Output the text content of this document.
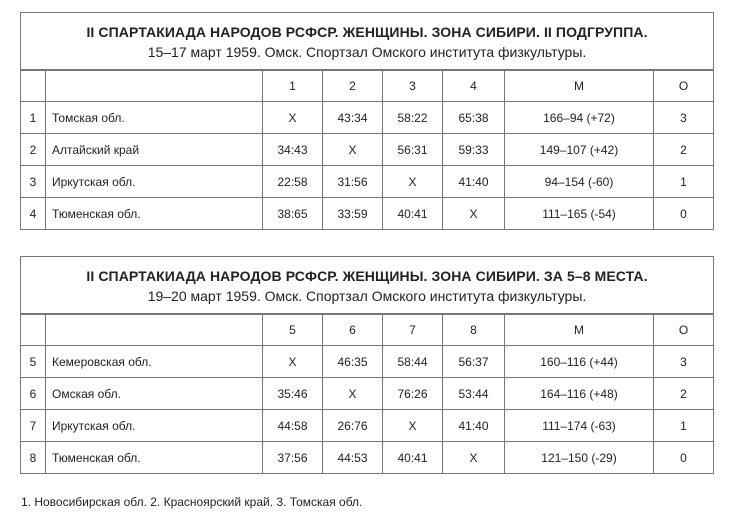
II СПАРТАКИАДА НАРОДОВ РСФСР. ЖЕНЩИНЫ. ЗОНА СИБИРИ. II ПОДГРУППА.
15–17 март 1959. Омск. Спортзал Омского института физкультуры.							

		1	2	3	4	М	О
1	Томская обл.	X	43:34	58:22	65:38	166–94 (+72)	3
2	Алтайский край	34:43	X	56:31	59:33	149–107 (+42)	2
3	Иркутская обл.	22:58	31:56	X	41:40	94–154 (-60)	1
4	Тюменская обл.	38:65	33:59	40:41	X	111–165 (-54)	0
II СПАРТАКИАДА НАРОДОВ РСФСР. ЖЕНЩИНЫ. ЗОНА СИБИРИ. ЗА 5–8 МЕСТА.
19–20 март 1959. Омск. Спортзал Омского института физкультуры.							

		5	6	7	8	М	О
5	Кемеровская обл.	X	46:35	58:44	56:37	160–116 (+44)	3
6	Омская обл.	35:46	X	76:26	53:44	164–116 (+48)	2
7	Иркутская обл.	44:58	26:76	X	41:40	111–174 (-63)	1
8	Тюменская обл.	37:56	44:53	40:41	X	121–150 (-29)	0
1. Новосибирская обл. 2. Красноярский край. 3. Томская обл.
